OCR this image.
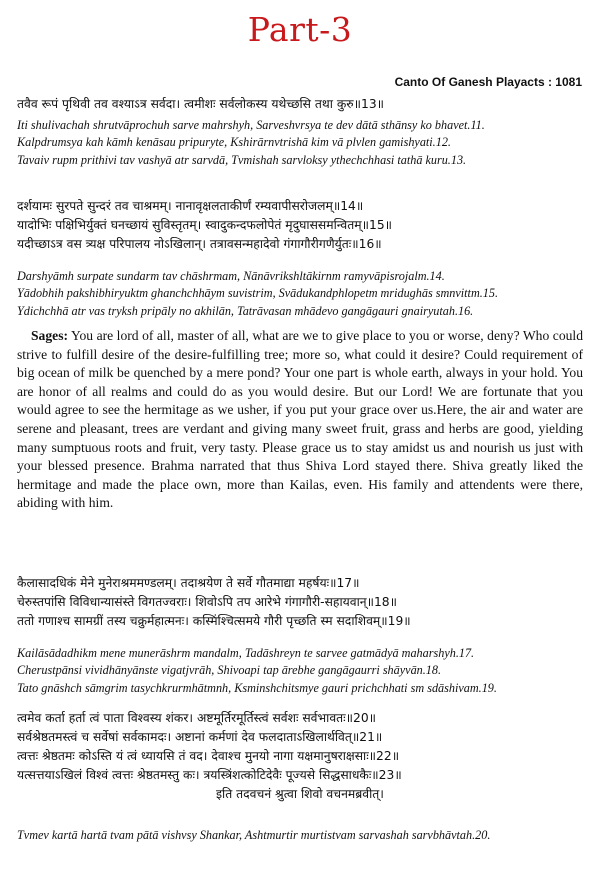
Part-3
Canto Of Ganesh Playacts : 1081
तवैव रूपं पृथिवी तव वश्याऽत्र सर्वदा। त्वमीशः सर्वलोकस्य यथेच्छसि तथा कुरु॥13॥
Iti shulivachah shrutvāprochuh sarve mahrshyh, Sarveshvrsya te dev dātā sthānsy ko bhavet.11.
Kalpdrumsya kah kāmh kenāsau pripuryte, Kshirārnvtrishā kim vā plvlen gamishyati.12.
Tavaiv rupm prithivi tav vashyā atr sarvdā, Tvmishah sarvloksy ythechchhasi tathā kuru.13.
दर्शयामः सुरपते सुन्दरं तव चाश्रमम्। नानावृक्षलताकीर्णं रम्यवापीसरोजलम्॥14॥
यादोभिः पक्षिभिर्युक्तं घनच्छायं सुविस्तृतम्। स्वादुकन्दफलोपेतं मृदुघाससमन्वितम्॥15॥
यदीच्छाऽत्र वस त्र्यक्ष परिपालय नोऽखिलान्। तत्रावसन्महादेवो गंगागौरीगणैर्युतः॥16॥
Darshyāmh surpate sundarm tav chāshrmam, Nānāvrikshltākirnm ramyvāpisrojalm.14.
Yādobhih pakshibhiryuktm ghanchchhāym suvistrim, Svādukandphlopetm mridughās smnvittm.15.
Ydichchhā atr vas tryksh pripāly no akhilān, Tatrāvasan mhādevo gangāgauri gnairyutah.16.
Sages: You are lord of all, master of all, what are we to give place to you or worse, deny? Who could strive to fulfill desire of the desire-fulfilling tree; more so, what could it desire? Could requirement of big ocean of milk be quenched by a mere pond? Your one part is whole earth, always in your hold. You are honor of all realms and could do as you would desire. But our Lord! We are fortunate that you would agree to see the hermitage as we usher, if you put your grace over us.Here, the air and water are serene and pleasant, trees are verdant and giving many sweet fruit, grass and herbs are good, yielding many sumptuous roots and fruit, very tasty. Please grace us to stay amidst us and nourish us just with your blessed presence. Brahma narrated that thus Shiva Lord stayed there. Shiva greatly liked the hermitage and made the place own, more than Kailas, even. His family and attendents were there, abiding with him.
कैलासादधिकं मेने मुनेराश्रममण्डलम्। तदाश्रयेण ते सर्वे गौतमाद्या महर्षयः॥17॥
चेरुस्तपांसि विविधान्यासंस्ते विगतज्वराः। शिवोऽपि तप आरेभे गंगागौरी-सहायवान्॥18॥
ततो गणाश्च सामग्रीं तस्य चक्रुर्महात्मनः। कस्मिंश्चित्समये गौरी पृच्छति स्म सदाशिवम्॥19॥
Kailāsādadhikm mene munerāshrm mandalm, Tadāshreyn te sarvee gatmādyā maharshyh.17.
Cherustpānsi vividhānyānste vigatjvrāh, Shivoapi tap ārebhe gangāgaurri shāyvān.18.
Tato gnāshch sāmgrim tasychkrurmhātmnh, Ksminshchitsmye gauri prichchhati sm sdāshivam.19.
त्वमेव कर्ता हर्ता त्वं पाता विश्वस्य शंकर। अष्टमूर्तिरमूर्तिस्त्वं सर्वशः सर्वभावतः॥20॥
सर्वश्रेष्ठतमस्त्वं च सर्वेषां सर्वकामदः। अष्टानां कर्मणां देव फलदाताऽखिलार्थवित्॥21॥
त्वत्तः श्रेष्ठतमः कोऽस्ति यं त्वं ध्यायसि तं वद। देवाश्च मुनयो नागा यक्षमानुषराक्षसाः॥22॥
यत्सत्तयाऽखिलं विश्वं त्वत्तः श्रेष्ठतमस्तु कः। त्रयस्त्रिंशत्कोटिदेवैः पूज्यसे सिद्धसाधकैः॥23॥
इति तदवचनं श्रुत्वा शिवो वचनमब्रवीत्।
Tvmev kartā hartā tvam pātā vishvsy Shankar, Ashtmurtir murtistvam sarvashah sarvbhāvtah.20.
